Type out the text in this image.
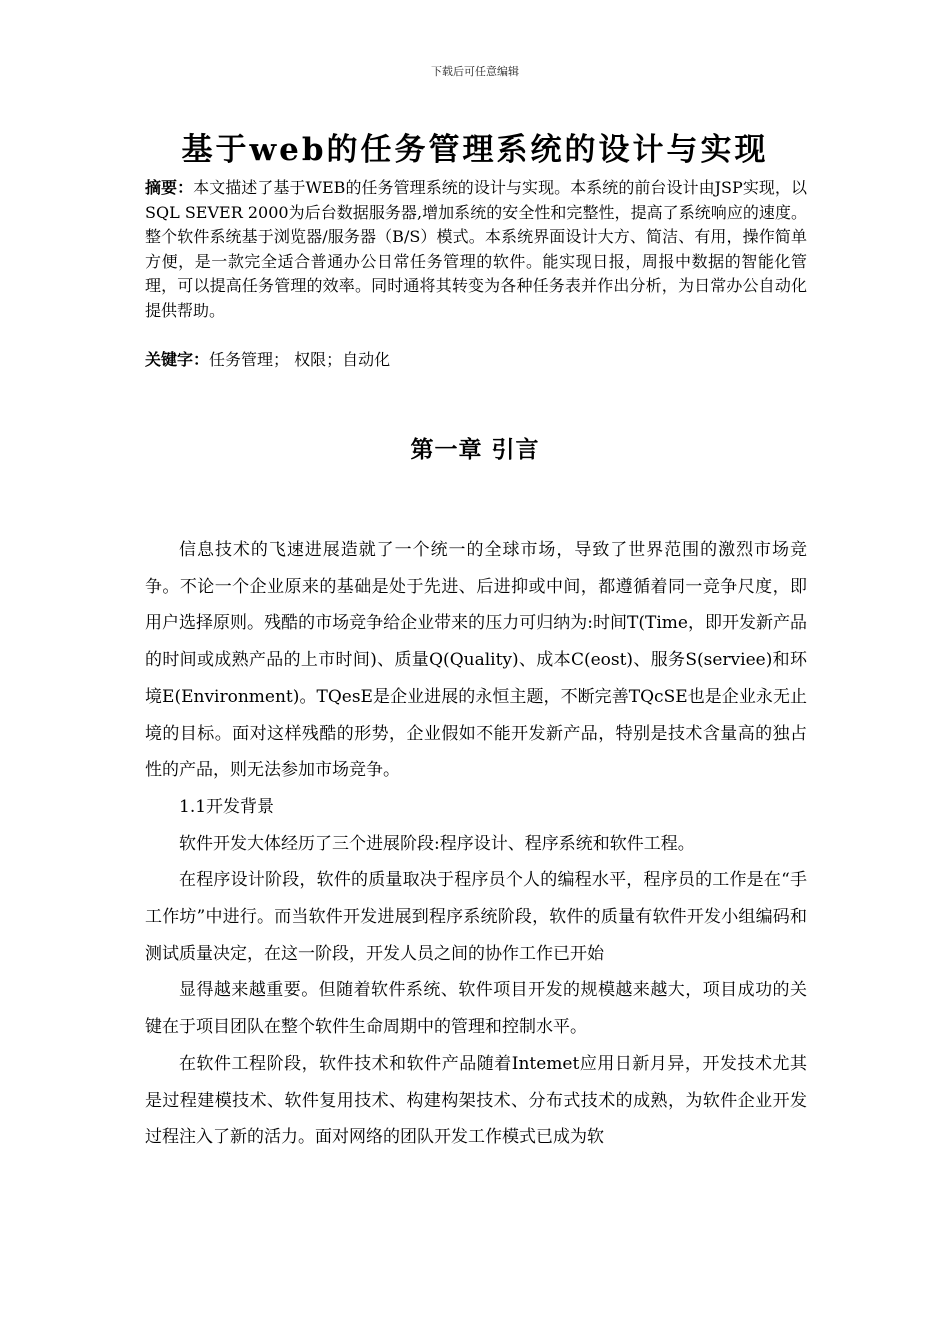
下载后可任意编辑
基于web的任务管理系统的设计与实现

摘要：本文描述了基于WEB的任务管理系统的设计与实现。本系统的前台设计由JSP实现，以SQL SEVER 2000为后台数据服务器,增加系统的安全性和完整性，提高了系统响应的速度。整个软件系统基于浏览器/服务器（B/S）模式。本系统界面设计大方、简洁、有用，操作简单方便，是一款完全适合普通办公日常任务管理的软件。能实现日报，周报中数据的智能化管理，可以提高任务管理的效率。同时通将其转变为各种任务表并作出分析，为日常办公自动化提供帮助。

关键字：任务管理； 权限；自动化

第一章 引言

信息技术的飞速进展造就了一个统一的全球市场，导致了世界范围的激烈市场竞争。不论一个企业原来的基础是处于先进、后进抑或中间，都遵循着同一竞争尺度，即用户选择原则。残酷的市场竞争给企业带来的压力可归纳为:时间T(Time，即开发新产品的时间或成熟产品的上市时间)、质量Q(Quality)、成本C(eost)、服务S(serviee)和环境E(Environment)。TQesE是企业进展的永恒主题，不断完善TQcSE也是企业永无止境的目标。面对这样残酷的形势，企业假如不能开发新产品，特别是技术含量高的独占性的产品，则无法参加市场竞争。

1.1开发背景

软件开发大体经历了三个进展阶段:程序设计、程序系统和软件工程。

在程序设计阶段，软件的质量取决于程序员个人的编程水平，程序员的工作是在“手工作坊”中进行。而当软件开发进展到程序系统阶段，软件的质量有软件开发小组编码和测试质量决定，在这一阶段，开发人员之间的协作工作已开始

显得越来越重要。但随着软件系统、软件项目开发的规模越来越大，项目成功的关键在于项目团队在整个软件生命周期中的管理和控制水平。

在软件工程阶段，软件技术和软件产品随着Intemet应用日新月异，开发技术尤其是过程建模技术、软件复用技术、构建构架技术、分布式技术的成熟，为软件企业开发过程注入了新的活力。面对网络的团队开发工作模式已成为软
